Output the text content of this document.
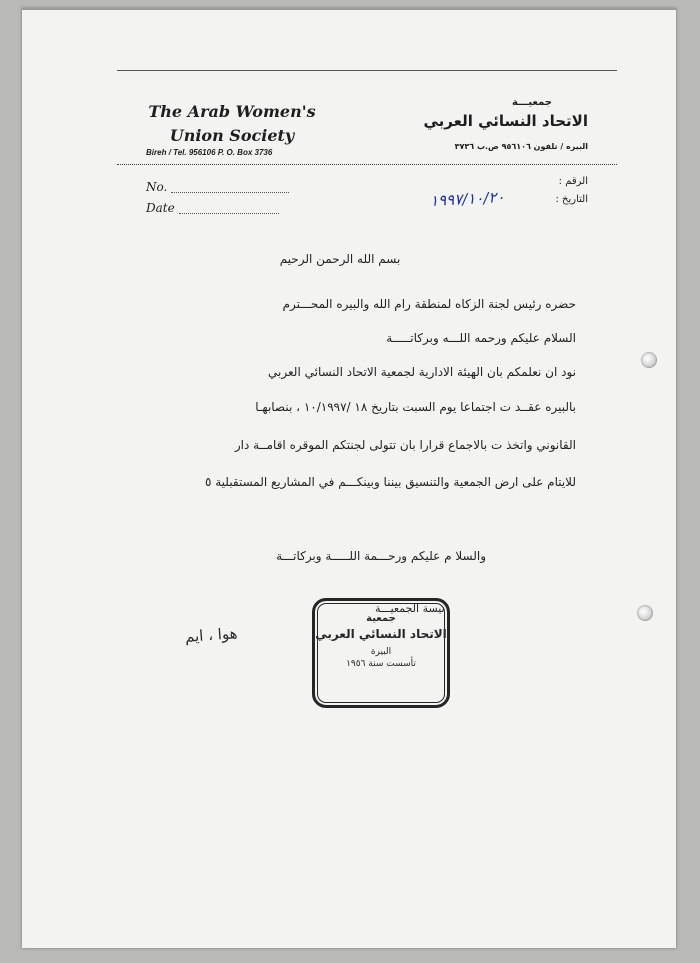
The Arab Women's
Union Society
Bireh / Tel. 956106 P. O. Box 3736
جمعيـــة
الاتحاد النسائي العربي
البيره / تلفون ٩٥٦١٠٦ ص.ب ٣٧٣٦
No.
Date
الرقم :
التاريخ :
١٩٩٧/١٠/٢٠
بسم الله الرحمن الرحيم
حضره رئيس لجنة الزكاه لمنطقة رام الله والبيره المحـــترم
السلام عليكم ورحمه اللـــه وبركاتـــــة
نود ان نعلمكم بان الهيئة الادارية لجمعية الاتحاد النسائي العربي
بالبيره عقــد ت اجتماعا يوم السبت بتاريخ ١٨ /١٠/١٩٩٧ ، بنصابهـا
القانوني واتخذ ت بالاجماع قرارا بان تتولى لجنتكم الموقره اقامــة دار
للايتام على ارض الجمعية والتنسيق بيننا وبينكـــم في المشاريع المستقبلية ٥
والسلا م عليكم ورحـــمة اللـــــة وبركاتـــة
رئيسة الجمعيـــة
هوا ، ايم
جمعية
الاتحاد النسائي العربي
البيرة
تأسست سنة ١٩٥٦
